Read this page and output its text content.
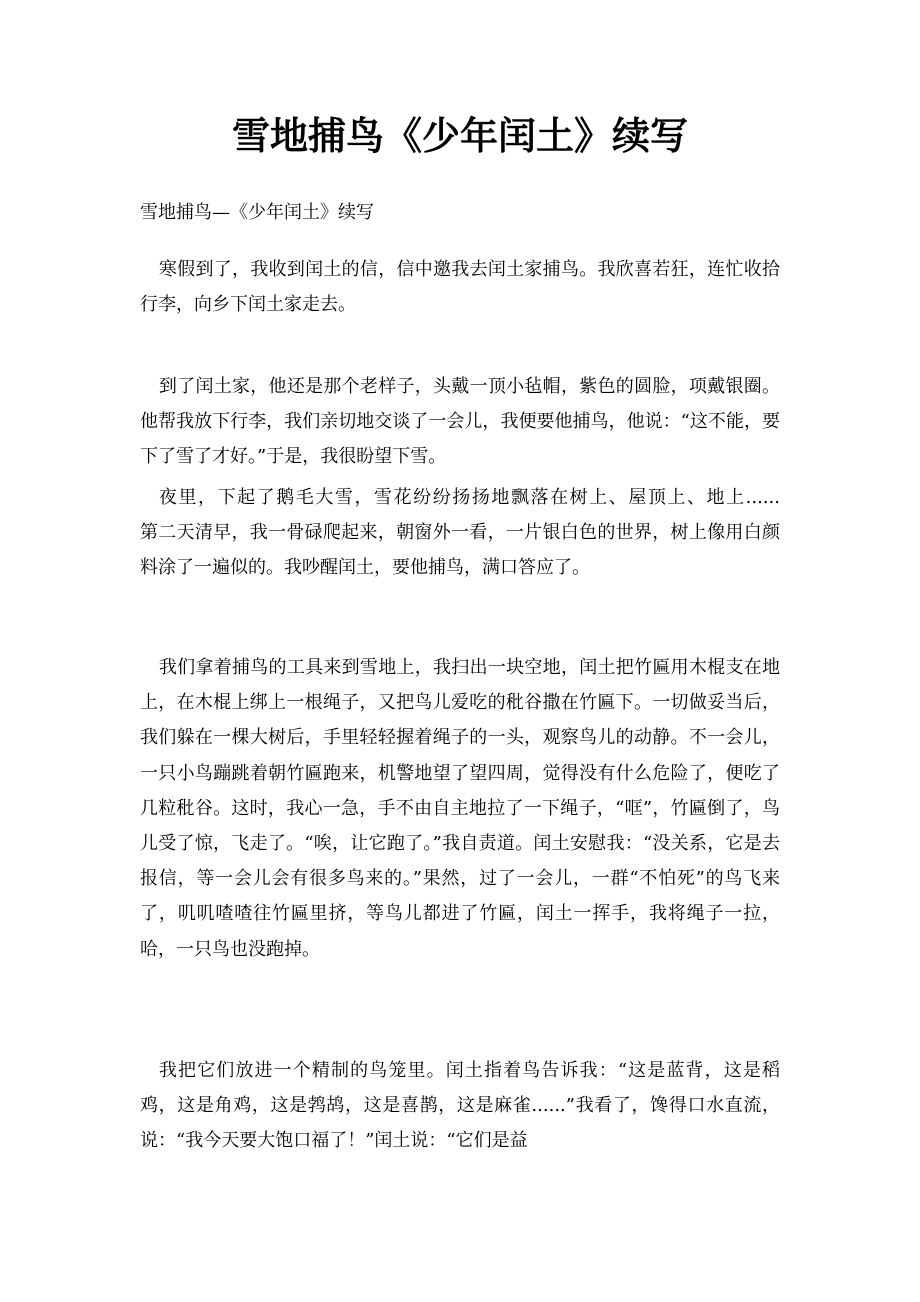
雪地捕鸟《少年闰土》续写

雪地捕鸟—《少年闰土》续写

寒假到了，我收到闰土的信，信中邀我去闰土家捕鸟。我欣喜若狂，连忙收拾行李，向乡下闰土家走去。

到了闰土家，他还是那个老样子，头戴一顶小毡帽，紫色的圆脸，项戴银圈。他帮我放下行李，我们亲切地交谈了一会儿，我便要他捕鸟，他说：“这不能，要下了雪了才好。”于是，我很盼望下雪。

夜里，下起了鹅毛大雪，雪花纷纷扬扬地飘落在树上、屋顶上、地上......　　第二天清早，我一骨碌爬起来，朝窗外一看，一片银白色的世界，树上像用白颜料涂了一遍似的。我吵醒闰土，要他捕鸟，满口答应了。

我们拿着捕鸟的工具来到雪地上，我扫出一块空地，闰土把竹匾用木棍支在地上，在木棍上绑上一根绳子，又把鸟儿爱吃的秕谷撒在竹匾下。一切做妥当后，我们躲在一棵大树后，手里轻轻握着绳子的一头，观察鸟儿的动静。不一会儿，一只小鸟蹦跳着朝竹匾跑来，机警地望了望四周，觉得没有什么危险了，便吃了几粒秕谷。这时，我心一急，手不由自主地拉了一下绳子，“哐”，竹匾倒了，鸟儿受了惊，飞走了。“唉，让它跑了。”我自责道。闰土安慰我：“没关系，它是去报信，等一会儿会有很多鸟来的。”果然，过了一会儿，一群“不怕死”的鸟飞来了，叽叽喳喳往竹匾里挤，等鸟儿都进了竹匾，闰土一挥手，我将绳子一拉，哈，一只鸟也没跑掉。

我把它们放进一个精制的鸟笼里。闰土指着鸟告诉我：“这是蓝背，这是稻鸡，这是角鸡，这是鹁鸪，这是喜鹊，这是麻雀......”我看了，馋得口水直流，说：“我今天要大饱口福了！”闰土说：“它们是益
